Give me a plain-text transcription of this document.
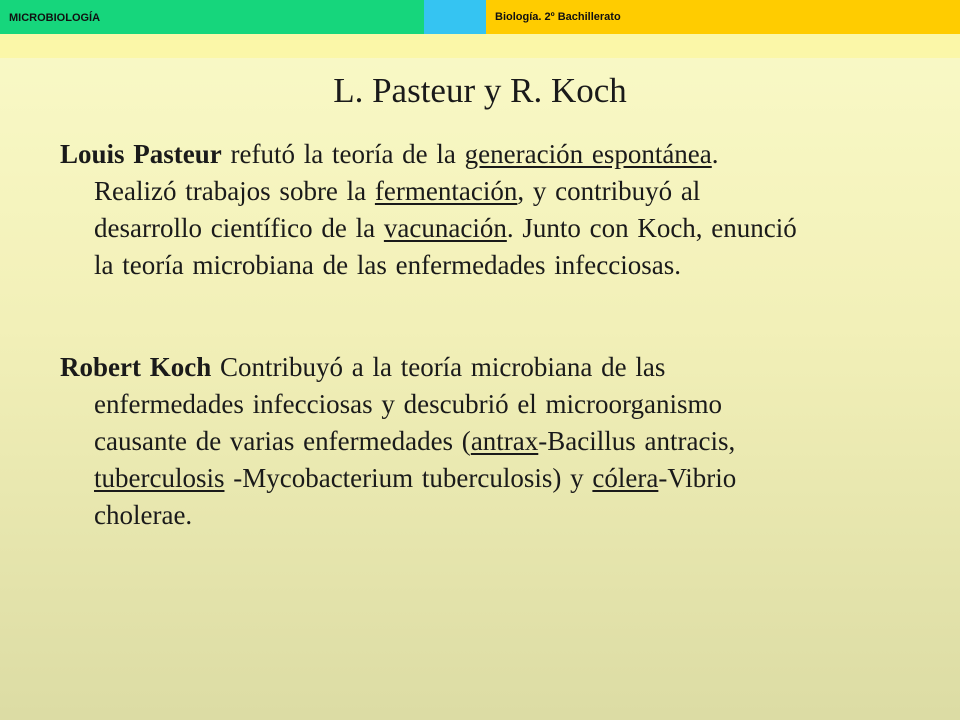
MICROBIOLOGÍA	Biología. 2º Bachillerato
L. Pasteur y R. Koch

Louis Pasteur refutó la teoría de la generación espontánea.
Realizó trabajos sobre la fermentación, y contribuyó al
desarrollo científico de la vacunación. Junto con Koch, enunció
la teoría microbiana de las enfermedades infecciosas.

Robert Koch Contribuyó a la teoría microbiana de las
enfermedades infecciosas y descubrió el microorganismo
causante de varias enfermedades (antrax-Bacillus antracis,
tuberculosis -Mycobacterium tuberculosis) y cólera-Vibrio
cholerae.
